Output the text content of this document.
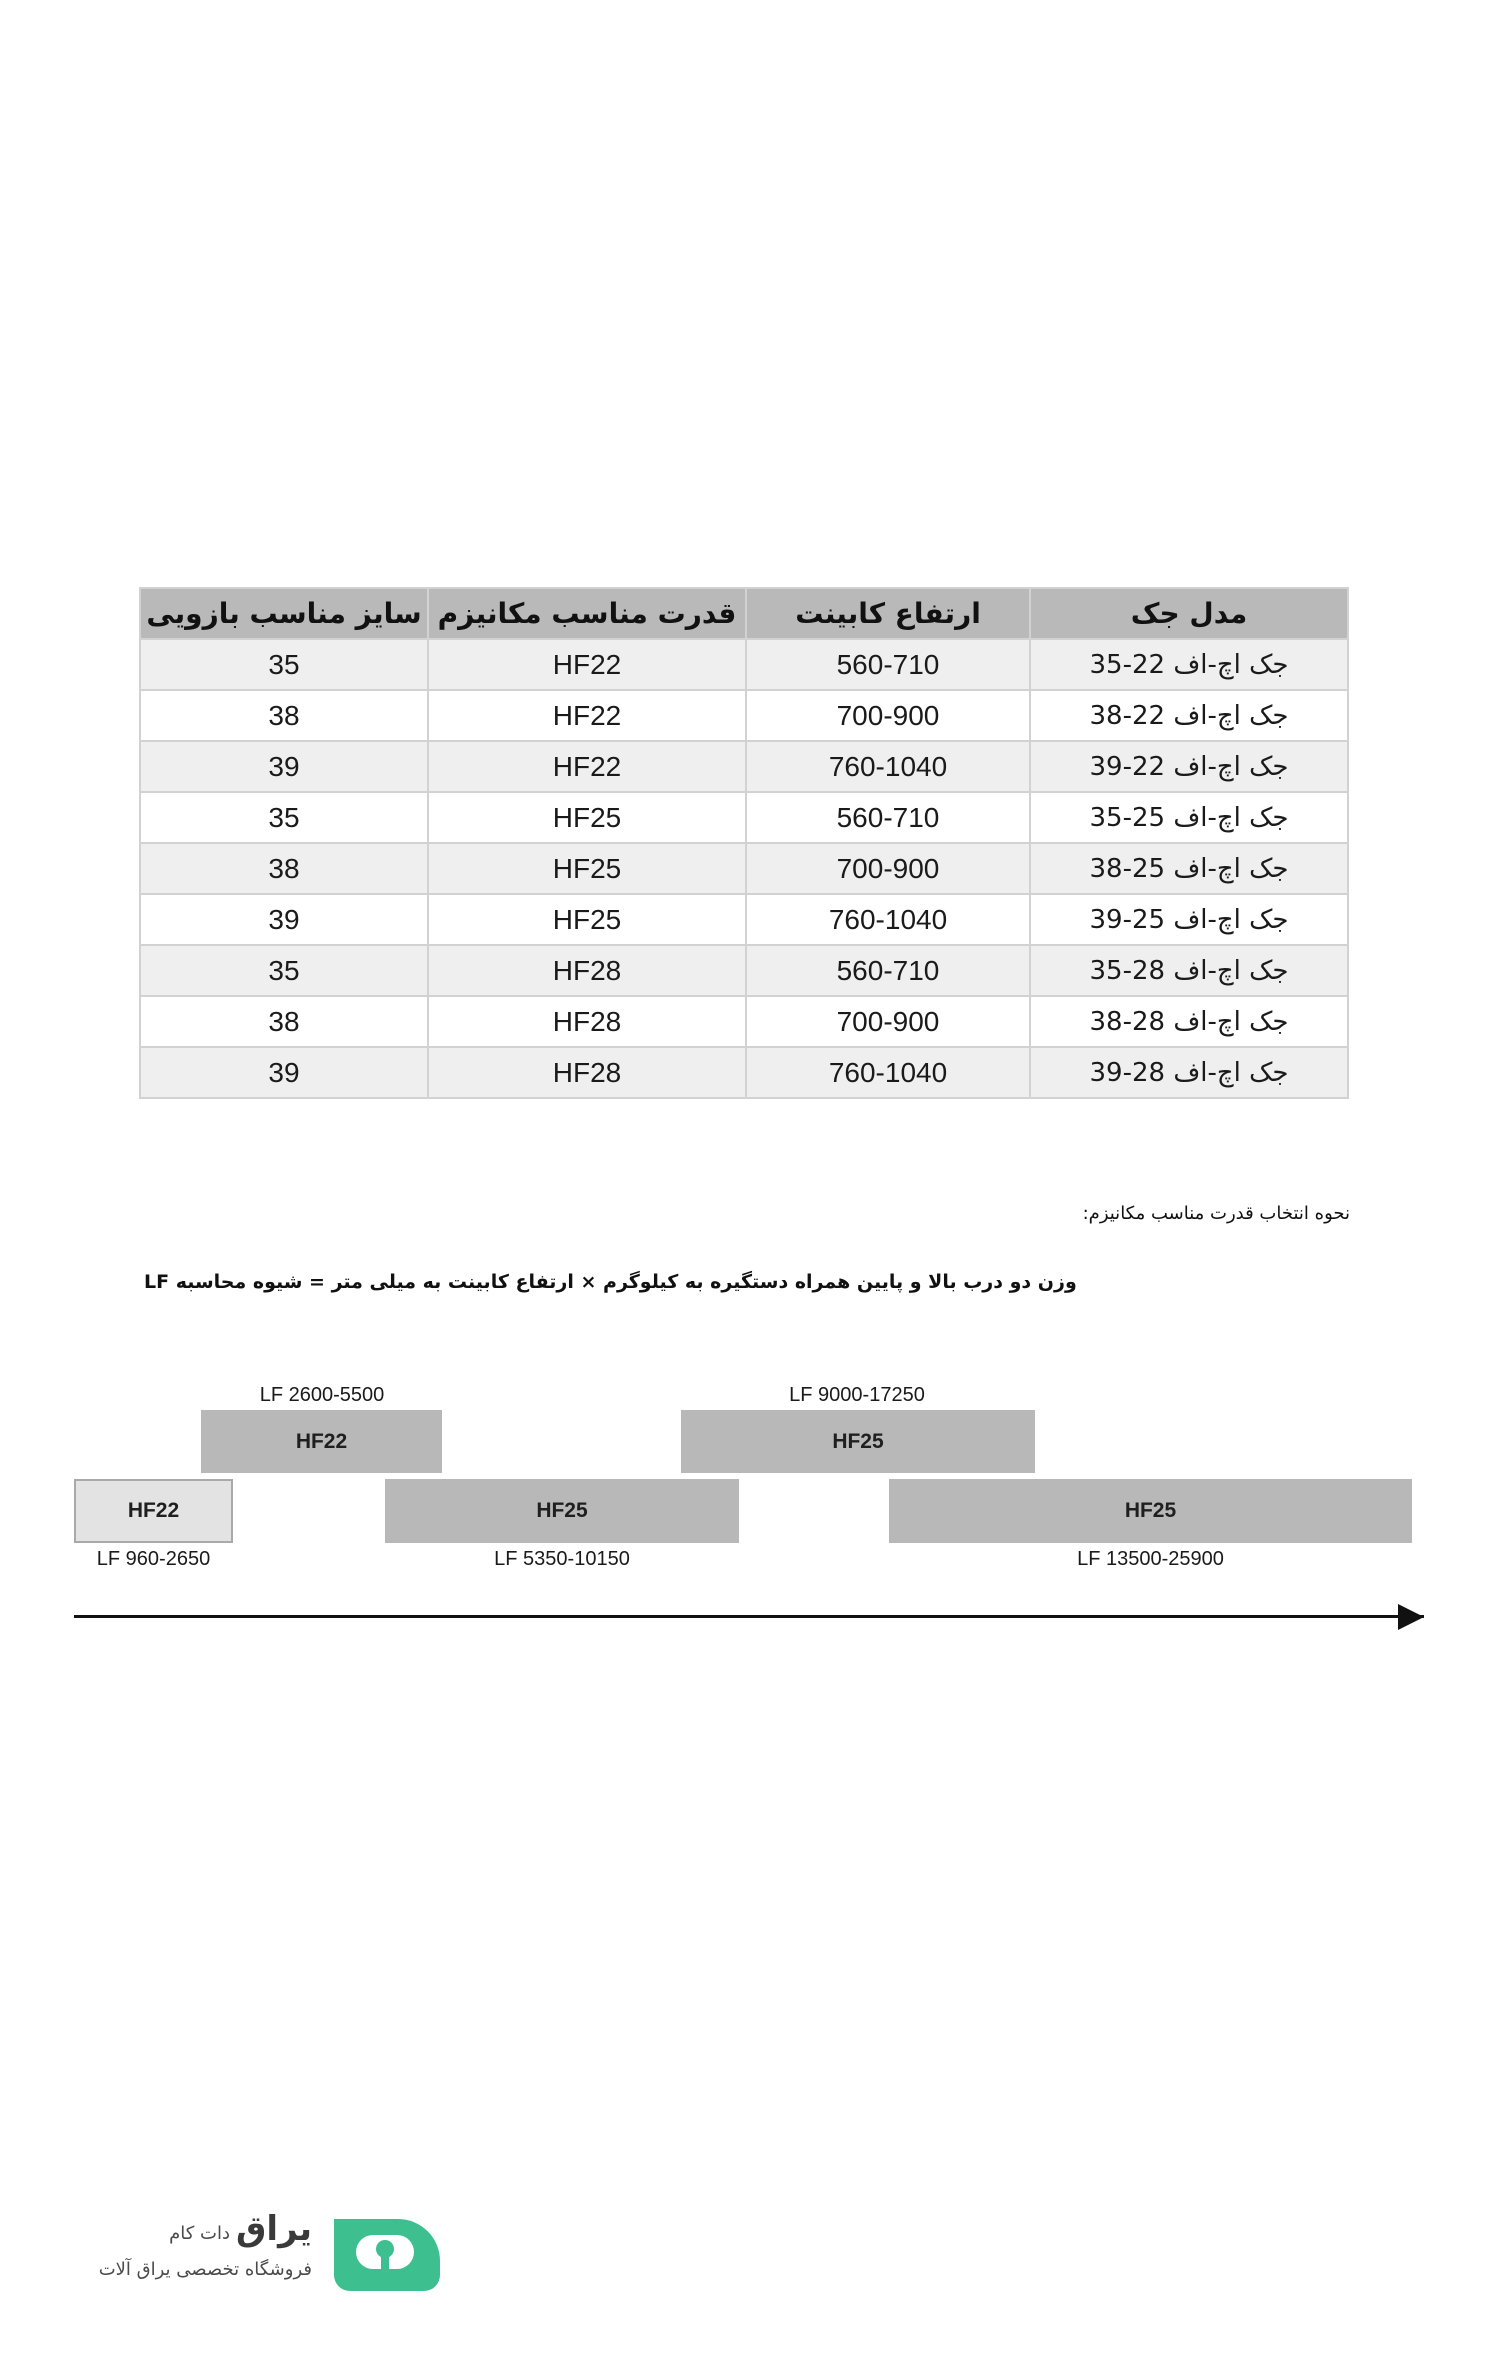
مدل جک	ارتفاع کابینت	قدرت مناسب مکانیزم	سایز مناسب بازویی
جک اچ-اف 22-35	560-710	HF22	35
جک اچ-اف 22-38	700-900	HF22	38
جک اچ-اف 22-39	760-1040	HF22	39
جک اچ-اف 25-35	560-710	HF25	35
جک اچ-اف 25-38	700-900	HF25	38
جک اچ-اف 25-39	760-1040	HF25	39
جک اچ-اف 28-35	560-710	HF28	35
جک اچ-اف 28-38	700-900	HF28	38
جک اچ-اف 28-39	760-1040	HF28	39
نحوه انتخاب قدرت مناسب مکانیزم:
وزن دو درب بالا و پایین همراه دستگیره به کیلوگرم × ارتفاع کابینت به میلی متر = شیوه محاسبه LF
LF 2600-5500	LF 9000-17250
HF22	HF25
HF22	HF25	HF25
LF 960-2650	LF 5350-10150	LF 13500-25900
یراق
دات کام
فروشگاه تخصصی یراق آلات
